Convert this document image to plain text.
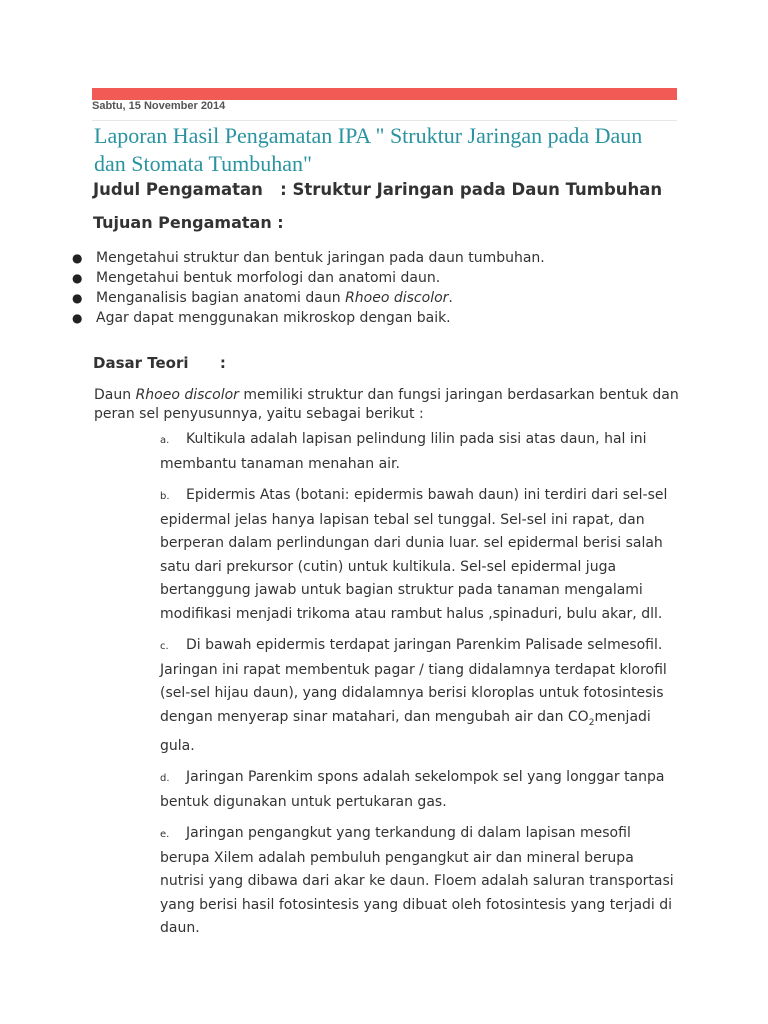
Sabtu, 15 November 2014
Laporan Hasil Pengamatan IPA " Struktur Jaringan pada Daun dan Stomata Tumbuhan"
Judul Pengamatan   : Struktur Jaringan pada Daun Tumbuhan
Tujuan Pengamatan :
● Mengetahui struktur dan bentuk jaringan pada daun tumbuhan.
● Mengetahui bentuk morfologi dan anatomi daun.
● Menganalisis bagian anatomi daun Rhoeo discolor.
● Agar dapat menggunakan mikroskop dengan baik.
Dasar Teori      :

Daun Rhoeo discolor memiliki struktur dan fungsi jaringan berdasarkan bentuk dan peran sel penyusunnya, yaitu sebagai berikut :

a. Kultikula adalah lapisan pelindung lilin pada sisi atas daun, hal ini membantu tanaman menahan air.
b. Epidermis Atas (botani: epidermis bawah daun) ini terdiri dari sel-sel epidermal jelas hanya lapisan tebal sel tunggal. Sel-sel ini rapat, dan berperan dalam perlindungan dari dunia luar. sel epidermal berisi salah satu dari prekursor (cutin) untuk kultikula. Sel-sel epidermal juga bertanggung jawab untuk bagian struktur pada tanaman mengalami modifikasi menjadi trikoma atau rambut halus ,spinaduri, bulu akar, dll.
c. Di bawah epidermis terdapat jaringan Parenkim Palisade selmesofil. Jaringan ini rapat membentuk pagar / tiang didalamnya terdapat klorofil (sel-sel hijau daun), yang didalamnya berisi kloroplas untuk fotosintesis dengan menyerap sinar matahari, dan mengubah air dan $CO_2menjadi$ gula.
d. Jaringan Parenkim spons adalah sekelompok sel yang longgar tanpa bentuk digunakan untuk pertukaran gas.
e. Jaringan pengangkut yang terkandung di dalam lapisan mesofil berupa Xilem adalah pembuluh pengangkut air dan mineral berupa nutrisi yang dibawa dari akar ke daun. Floem adalah saluran transportasi yang berisi hasil fotosintesis yang dibuat oleh fotosintesis yang terjadi di daun.
